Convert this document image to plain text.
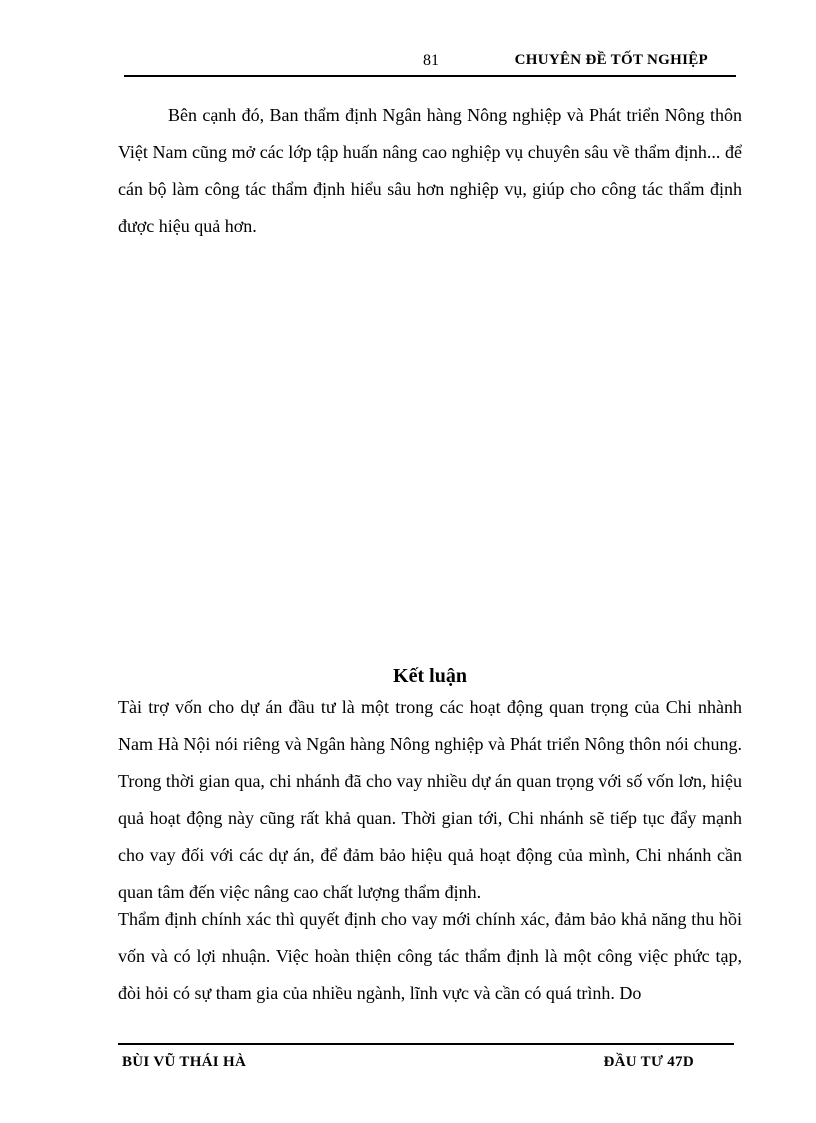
81	CHUYÊN ĐỀ TỐT NGHIỆP

Bên cạnh đó, Ban thẩm định Ngân hàng Nông nghiệp và Phát triển Nông thôn Việt Nam cũng mở các lớp tập huấn nâng cao nghiệp vụ chuyên sâu về thẩm định... để cán bộ làm công tác thẩm định hiểu sâu hơn nghiệp vụ, giúp cho công tác thẩm định được hiệu quả hơn.

Kết luận

Tài trợ vốn cho dự án đầu tư là một trong các hoạt động quan trọng của Chi nhành Nam Hà Nội nói riêng và Ngân hàng Nông nghiệp và Phát triển Nông thôn nói chung. Trong thời gian qua, chi nhánh đã cho vay nhiều dự án quan trọng với số vốn lơn, hiệu quả hoạt động này cũng rất khả quan. Thời gian tới, Chi nhánh sẽ tiếp tục đẩy mạnh cho vay đối với các dự án, để đảm bảo hiệu quả hoạt động của mình, Chi nhánh cần quan tâm đến việc nâng cao chất lượng thẩm định.

Thẩm định chính xác thì quyết định cho vay mới chính xác, đảm bảo khả năng thu hồi vốn và có lợi nhuận. Việc hoàn thiện công tác thẩm định là một công việc phức tạp, đòi hỏi có sự tham gia của nhiều ngành, lĩnh vực và cần có quá trình. Do

BÙI VŨ THÁI HÀ	ĐẦU TƯ 47D
